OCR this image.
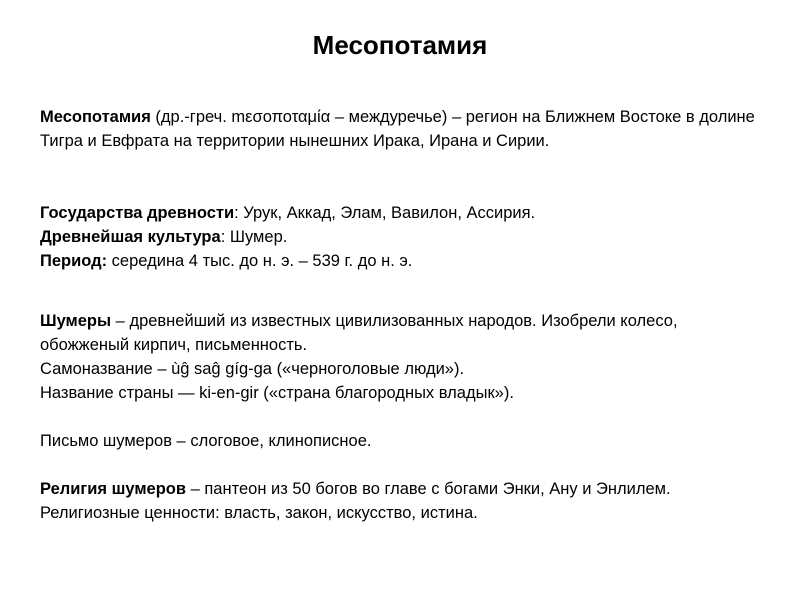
Месопотамия

Месопотамия (др.-греч. mεσοποταμία – междуречье) – регион на Ближнем Востоке в долине Тигра и Евфрата на территории нынешних Ирака, Ирана и Сирии.

Государства древности: Урук, Аккад, Элам, Вавилон, Ассирия.

Древнейшая культура: Шумер.

Период: середина 4 тыс. до н. э. – 539 г. до н. э.

Шумеры – древнейший из известных цивилизованных народов. Изобрели колесо, обожженый кирпич, письменность.

Самоназвание – ùĝ saĝ gíg-ga («черноголовые люди»).

Название страны — ki-en-gir («страна благородных владык»).

Письмо шумеров – слоговое, клинописное.

Религия шумеров – пантеон из 50 богов во главе с богами Энки, Ану и Энлилем. Религиозные ценности: власть, закон, искусство, истина.
